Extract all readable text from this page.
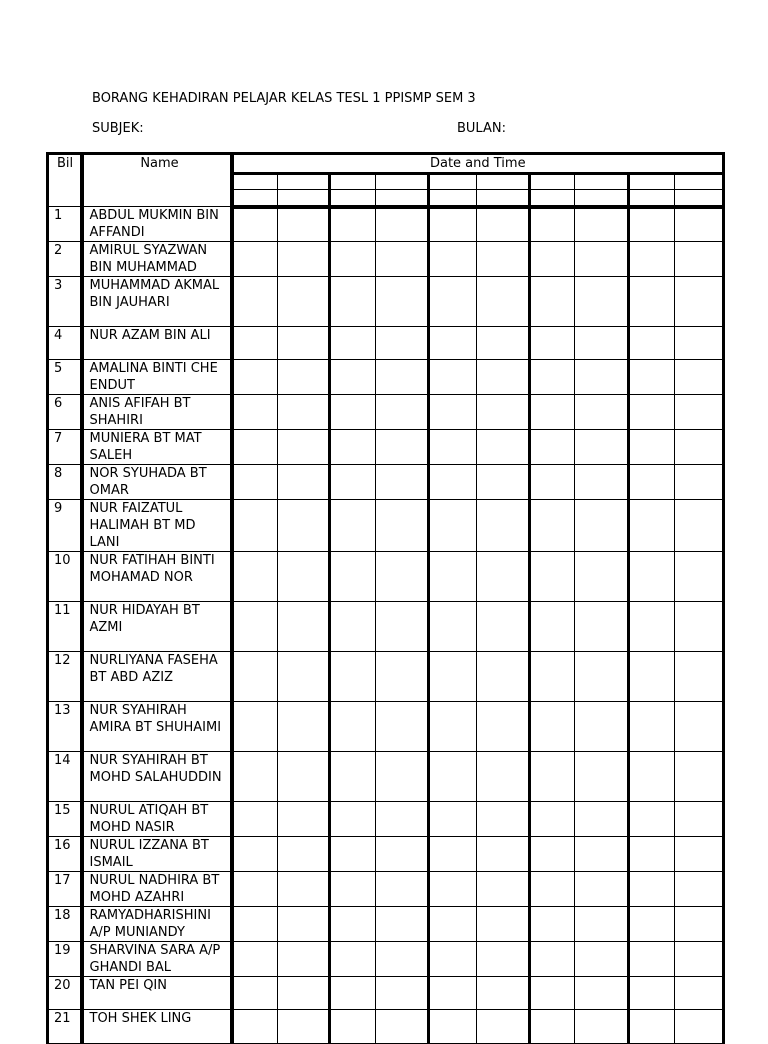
BORANG KEHADIRAN PELAJAR KELAS TESL 1 PPISMP SEM 3
SUBJEK:	BULAN:
Bil	Name	Date and Time									

1	ABDUL MUKMIN BIN AFFANDI										
2	AMIRUL SYAZWAN BIN MUHAMMAD										
3	MUHAMMAD AKMAL BIN JAUHARI										
4	NUR AZAM BIN ALI										
5	AMALINA BINTI CHE ENDUT										
6	ANIS AFIFAH BT SHAHIRI										
7	MUNIERA BT MAT SALEH										
8	NOR SYUHADA BT OMAR										
9	NUR FAIZATUL HALIMAH BT MD LANI										
10	NUR FATIHAH BINTI MOHAMAD NOR										
11	NUR HIDAYAH BT AZMI										
12	NURLIYANA FASEHA BT ABD AZIZ										
13	NUR SYAHIRAH AMIRA BT SHUHAIMI										
14	NUR SYAHIRAH BT MOHD SALAHUDDIN										
15	NURUL ATIQAH BT MOHD NASIR										
16	NURUL IZZANA BT ISMAIL										
17	NURUL NADHIRA BT MOHD AZAHRI										
18	RAMYADHARISHINI A/P MUNIANDY										
19	SHARVINA SARA A/P GHANDI BAL										
20	TAN PEI QIN										
21	TOH SHEK LING										
